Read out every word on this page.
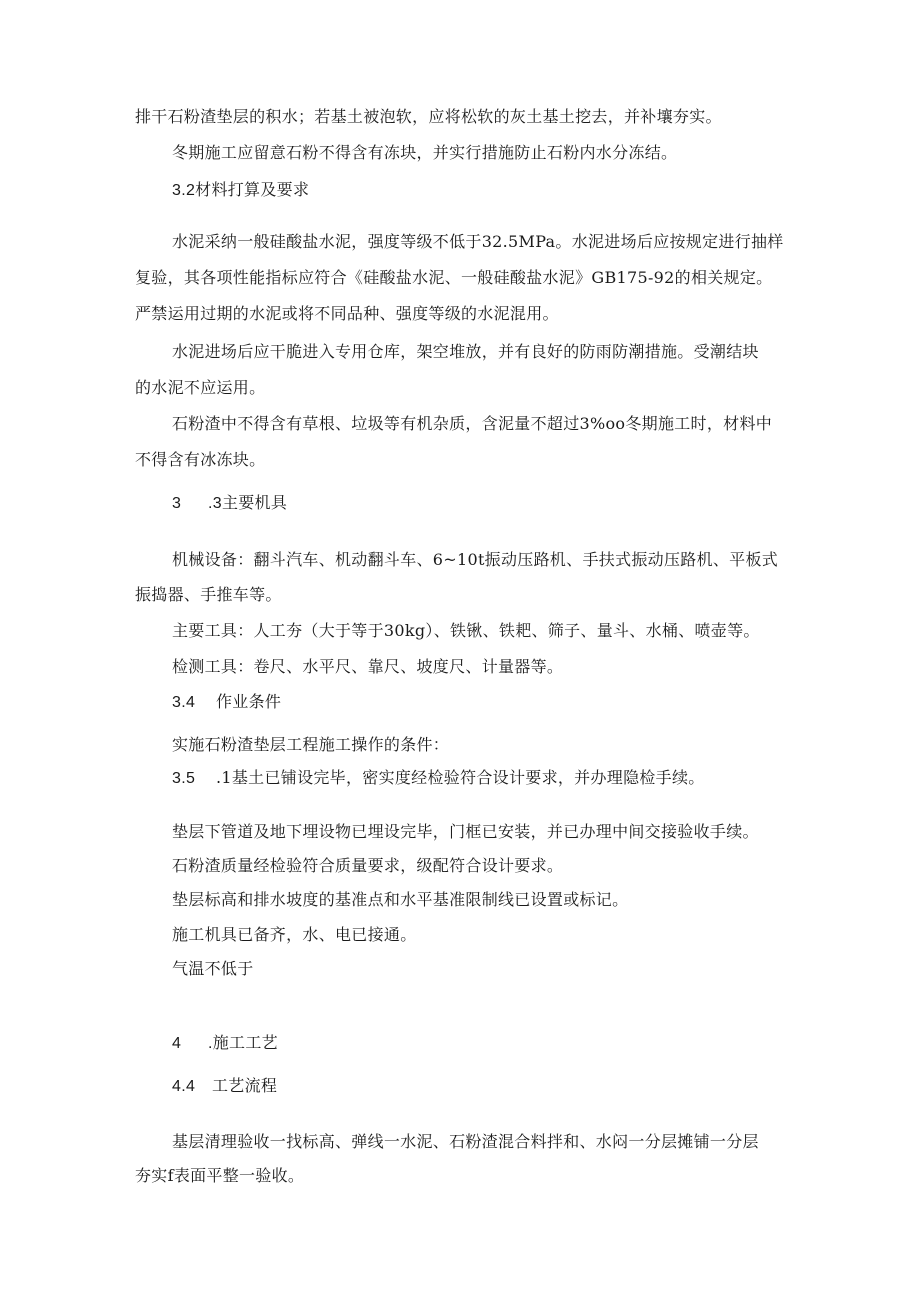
排干石粉渣垫层的积水；若基土被泡软，应将松软的灰土基土挖去，并补壤夯实。
冬期施工应留意石粉不得含有冻块，并实行措施防止石粉内水分冻结。
3.2材料打算及要求
水泥采纳一般硅酸盐水泥，强度等级不低于32.5MPa。水泥进场后应按规定进行抽样
复验，其各项性能指标应符合《硅酸盐水泥、一般硅酸盐水泥》GB175-92的相关规定。
严禁运用过期的水泥或将不同品种、强度等级的水泥混用。
水泥进场后应干脆进入专用仓库，架空堆放，并有良好的防雨防潮措施。受潮结块
的水泥不应运用。
石粉渣中不得含有草根、垃圾等有机杂质，含泥量不超过3%oo冬期施工时，材料中
不得含有冰冻块。
3 .3主要机具
机械设备：翻斗汽车、机动翻斗车、6~10t振动压路机、手扶式振动压路机、平板式
振捣器、手推车等。
主要工具：人工夯（大于等于30kg）、铁锹、铁耙、筛子、量斗、水桶、喷壶等。
检测工具：卷尺、水平尺、靠尺、坡度尺、计量器等。
3.4 作业条件
实施石粉渣垫层工程施工操作的条件：
3.5 .1基土已铺设完毕，密实度经检验符合设计要求，并办理隐检手续。
垫层下管道及地下埋设物已埋设完毕，门框已安装，并已办理中间交接验收手续。
石粉渣质量经检验符合质量要求，级配符合设计要求。
垫层标高和排水坡度的基准点和水平基准限制线已设置或标记。
施工机具已备齐，水、电已接通。
气温不低于
4 .施工工艺
4.4 工艺流程
基层清理验收一找标高、弹线一水泥、石粉渣混合料拌和、水闷一分层摊铺一分层
夯实f表面平整一验收。
